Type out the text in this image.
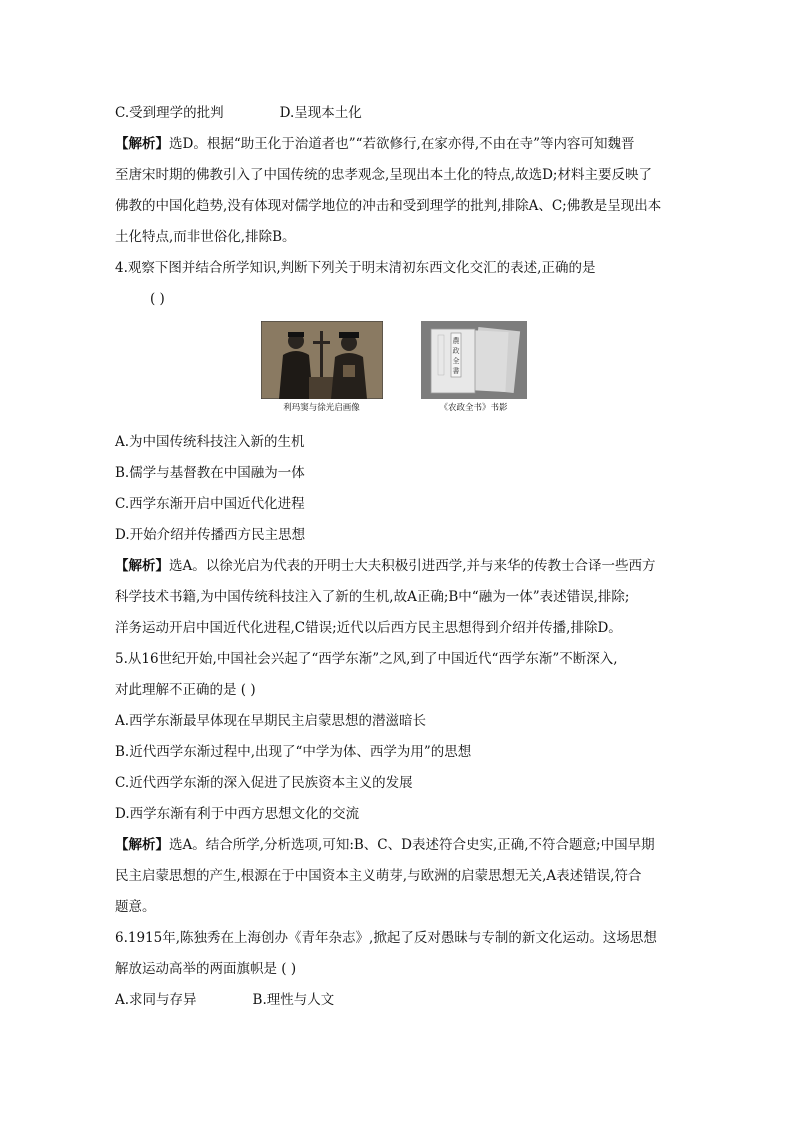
C.受到理学的批判	D.呈现本土化
【解析】选D。根据“助王化于治道者也”“若欲修行,在家亦得,不由在寺”等内容可知魏晋
至唐宋时期的佛教引入了中国传统的忠孝观念,呈现出本土化的特点,故选D;材料主要反映了
佛教的中国化趋势,没有体现对儒学地位的冲击和受到理学的批判,排除A、C;佛教是呈现出本
土化特点,而非世俗化,排除B。
4.观察下图并结合所学知识,判断下列关于明末清初东西文化交汇的表述,正确的是
( )
利玛窦与徐光启画像
農
政
全
書
《农政全书》书影
A.为中国传统科技注入新的生机
B.儒学与基督教在中国融为一体
C.西学东渐开启中国近代化进程
D.开始介绍并传播西方民主思想
【解析】选A。以徐光启为代表的开明士大夫积极引进西学,并与来华的传教士合译一些西方
科学技术书籍,为中国传统科技注入了新的生机,故A正确;B中“融为一体”表述错误,排除;
洋务运动开启中国近代化进程,C错误;近代以后西方民主思想得到介绍并传播,排除D。
5.从16世纪开始,中国社会兴起了“西学东渐”之风,到了中国近代“西学东渐”不断深入,
对此理解不正确的是 ( )
A.西学东渐最早体现在早期民主启蒙思想的潜滋暗长
B.近代西学东渐过程中,出现了“中学为体、西学为用”的思想
C.近代西学东渐的深入促进了民族资本主义的发展
D.西学东渐有利于中西方思想文化的交流
【解析】选A。结合所学,分析选项,可知:B、C、D表述符合史实,正确,不符合题意;中国早期
民主启蒙思想的产生,根源在于中国资本主义萌芽,与欧洲的启蒙思想无关,A表述错误,符合
题意。
6.1915年,陈独秀在上海创办《青年杂志》,掀起了反对愚昧与专制的新文化运动。这场思想
解放运动高举的两面旗帜是 ( )
A.求同与存异	B.理性与人文
